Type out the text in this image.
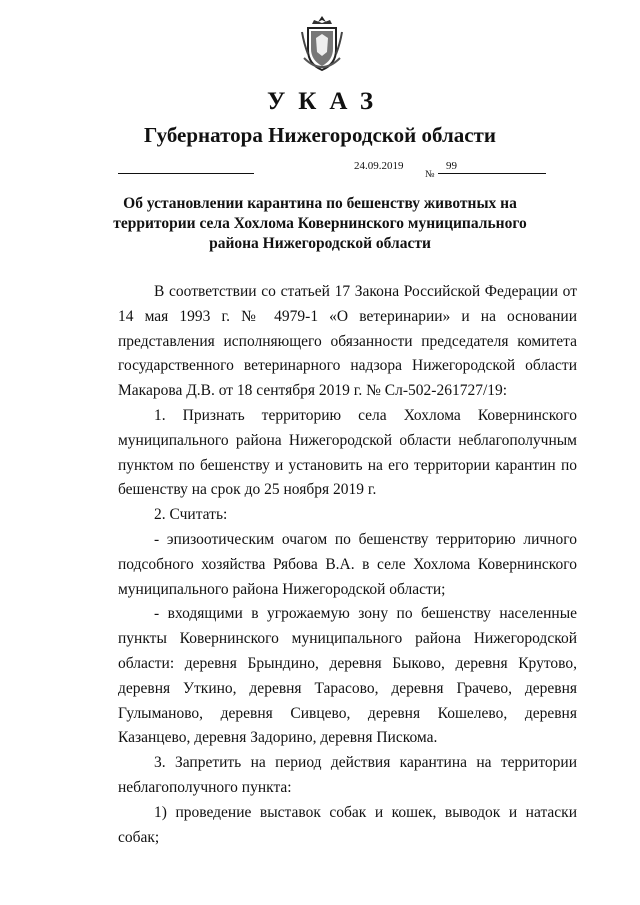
УКАЗ
Губернатора Нижегородской области
24.09.2019
№
99
Об установлении карантина по бешенству животных на территории села Хохлома Ковернинского муниципального района Нижегородской области

В соответствии со статьей 17 Закона Российской Федерации от 14 мая 1993 г. № 4979-1 «О ветеринарии» и на основании представления исполняющего обязанности председателя комитета государственного ветеринарного надзора Нижегородской области Макарова Д.В. от 18 сентября 2019 г. № Сл-502-261727/19:

1. Признать территорию села Хохлома Ковернинского муниципального района Нижегородской области неблагополучным пунктом по бешенству и установить на его территории карантин по бешенству на срок до 25 ноября 2019 г.

2. Считать:

- эпизоотическим очагом по бешенству территорию личного подсобного хозяйства Рябова В.А. в селе Хохлома Ковернинского муниципального района Нижегородской области;

- входящими в угрожаемую зону по бешенству населенные пункты Ковернинского муниципального района Нижегородской области: деревня Брындино, деревня Быково, деревня Крутово, деревня Уткино, деревня Тарасово, деревня Грачево, деревня Гулыманово, деревня Сивцево, деревня Кошелево, деревня Казанцево, деревня Задорино, деревня Пискома.

3. Запретить на период действия карантина на территории неблагополучного пункта:

1) проведение выставок собак и кошек, выводок и натаски собак;
